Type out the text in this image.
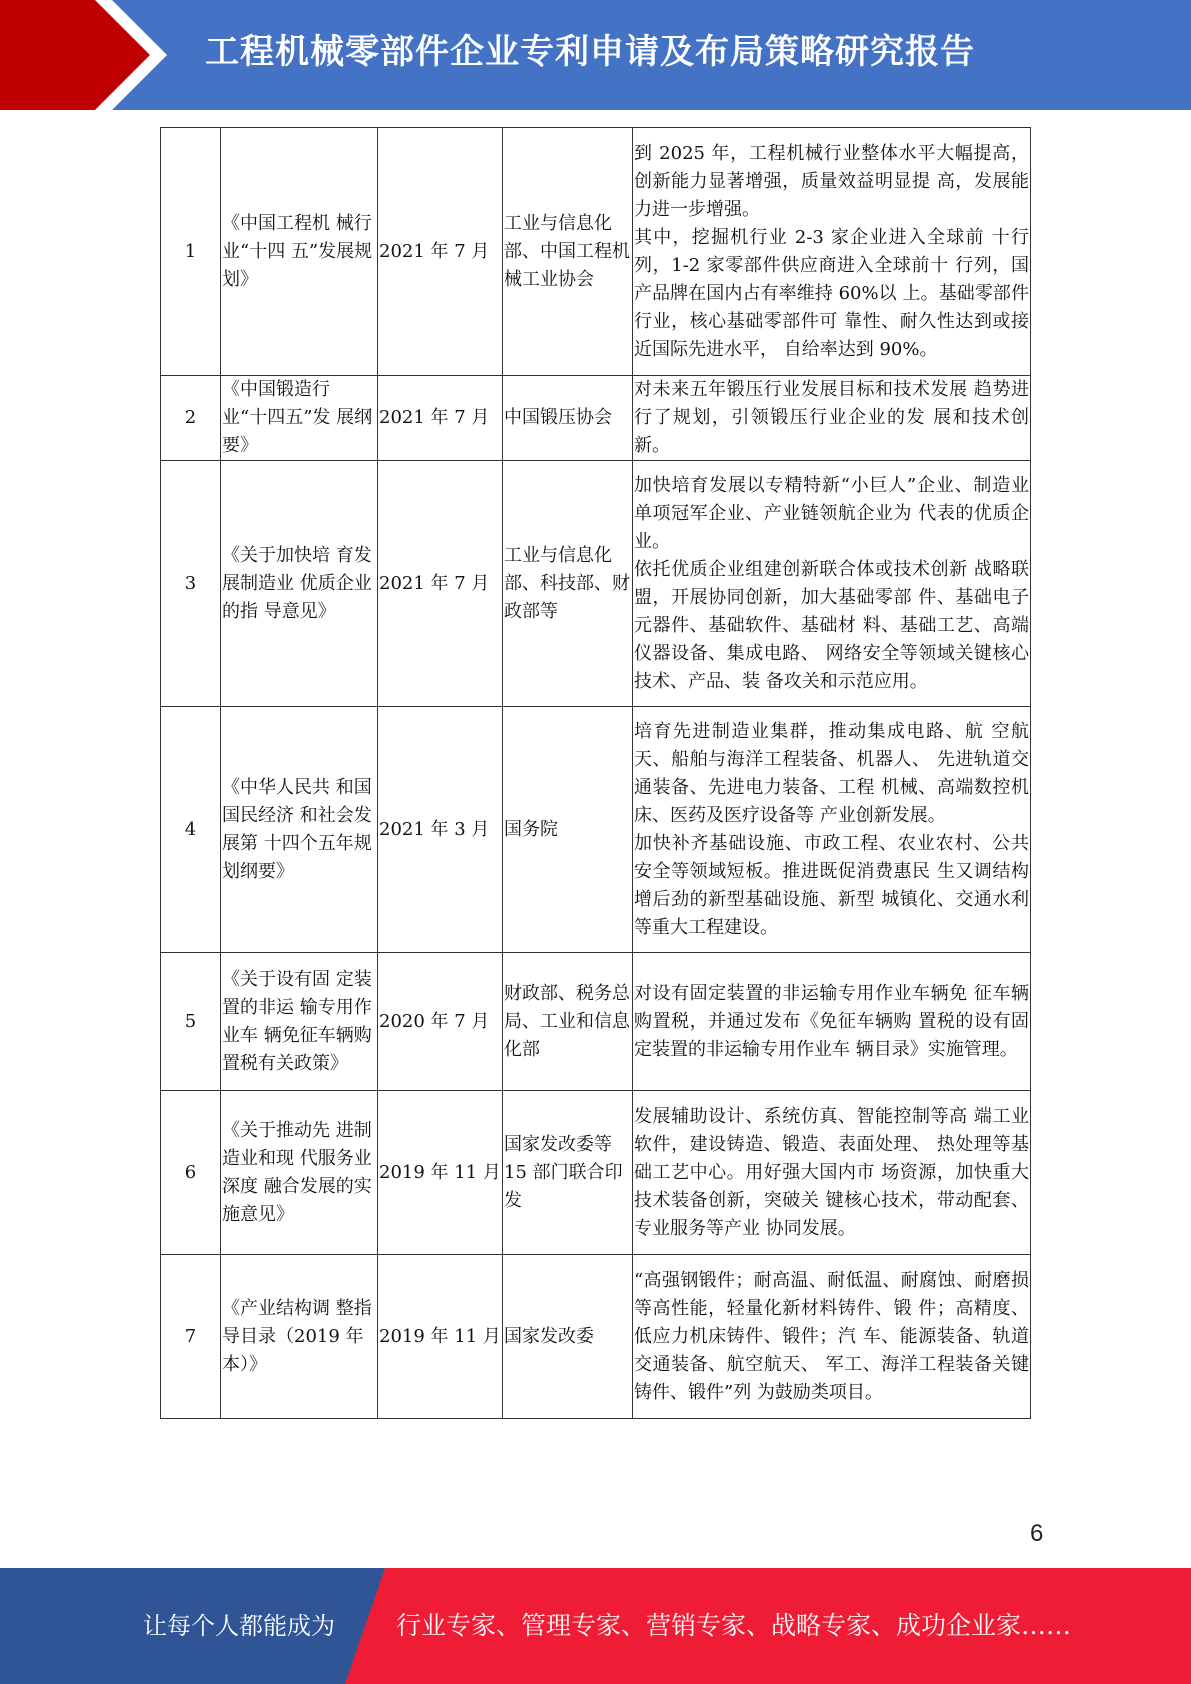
工程机械零部件企业专利申请及布局策略研究报告
1	《中国工程机 械行业“十四 五”发展规划》	2021 年 7 月	工业与信息化部、中国工程机械工业协会	到 2025 年，工程机械行业整体水平大幅提高，创新能力显著增强，质量效益明显提 高，发展能力进一步增强。
其中，挖掘机行业 2-3 家企业进入全球前 十行列，1-2 家零部件供应商进入全球前十 行列，国产品牌在国内占有率维持 60%以 上。基础零部件行业，核心基础零部件可 靠性、耐久性达到或接近国际先进水平， 自给率达到 90%。

2	《中国锻造行 业“十四五”发 展纲要》	2021 年 7 月	中国锻压协会	对未来五年锻压行业发展目标和技术发展 趋势进行了规划，引领锻压行业企业的发 展和技术创新。

3	《关于加快培 育发展制造业 优质企业的指 导意见》	2021 年 7 月	工业与信息化部、科技部、财政部等	加快培育发展以专精特新“小巨人”企业、制造业单项冠军企业、产业链领航企业为 代表的优质企业。
依托优质企业组建创新联合体或技术创新 战略联盟，开展协同创新，加大基础零部 件、基础电子元器件、基础软件、基础材 料、基础工艺、高端仪器设备、集成电路、 网络安全等领域关键核心技术、产品、装 备攻关和示范应用。

4	《中华人民共 和国国民经济 和社会发展第 十四个五年规 划纲要》	2021 年 3 月	国务院	培育先进制造业集群，推动集成电路、航 空航天、船舶与海洋工程装备、机器人、 先进轨道交通装备、先进电力装备、工程 机械、高端数控机床、医药及医疗设备等 产业创新发展。
加快补齐基础设施、市政工程、农业农村、公共安全等领域短板。推进既促消费惠民 生又调结构增后劲的新型基础设施、新型 城镇化、交通水利等重大工程建设。

5	《关于设有固 定装置的非运 输专用作业车 辆免征车辆购 置税有关政策》	2020 年 7 月	财政部、税务总局、工业和信息化部	对设有固定装置的非运输专用作业车辆免 征车辆购置税，并通过发布《免征车辆购 置税的设有固定装置的非运输专用作业车 辆目录》实施管理。

6	《关于推动先 进制造业和现 代服务业深度 融合发展的实 施意见》	2019 年 11 月	国家发改委等 15 部门联合印发	发展辅助设计、系统仿真、智能控制等高 端工业软件，建设铸造、锻造、表面处理、 热处理等基础工艺中心。用好强大国内市 场资源，加快重大技术装备创新，突破关 键核心技术，带动配套、专业服务等产业 协同发展。

7	《产业结构调 整指导目录（2019 年本）》	2019 年 11 月	国家发改委	“高强钢锻件；耐高温、耐低温、耐腐蚀、耐磨损等高性能，轻量化新材料铸件、锻 件；高精度、低应力机床铸件、锻件；汽 车、能源装备、轨道交通装备、航空航天、 军工、海洋工程装备关键铸件、锻件”列 为鼓励类项目。
6
让每个人都能成为 行业专家、管理专家、营销专家、战略专家、成功企业家……
